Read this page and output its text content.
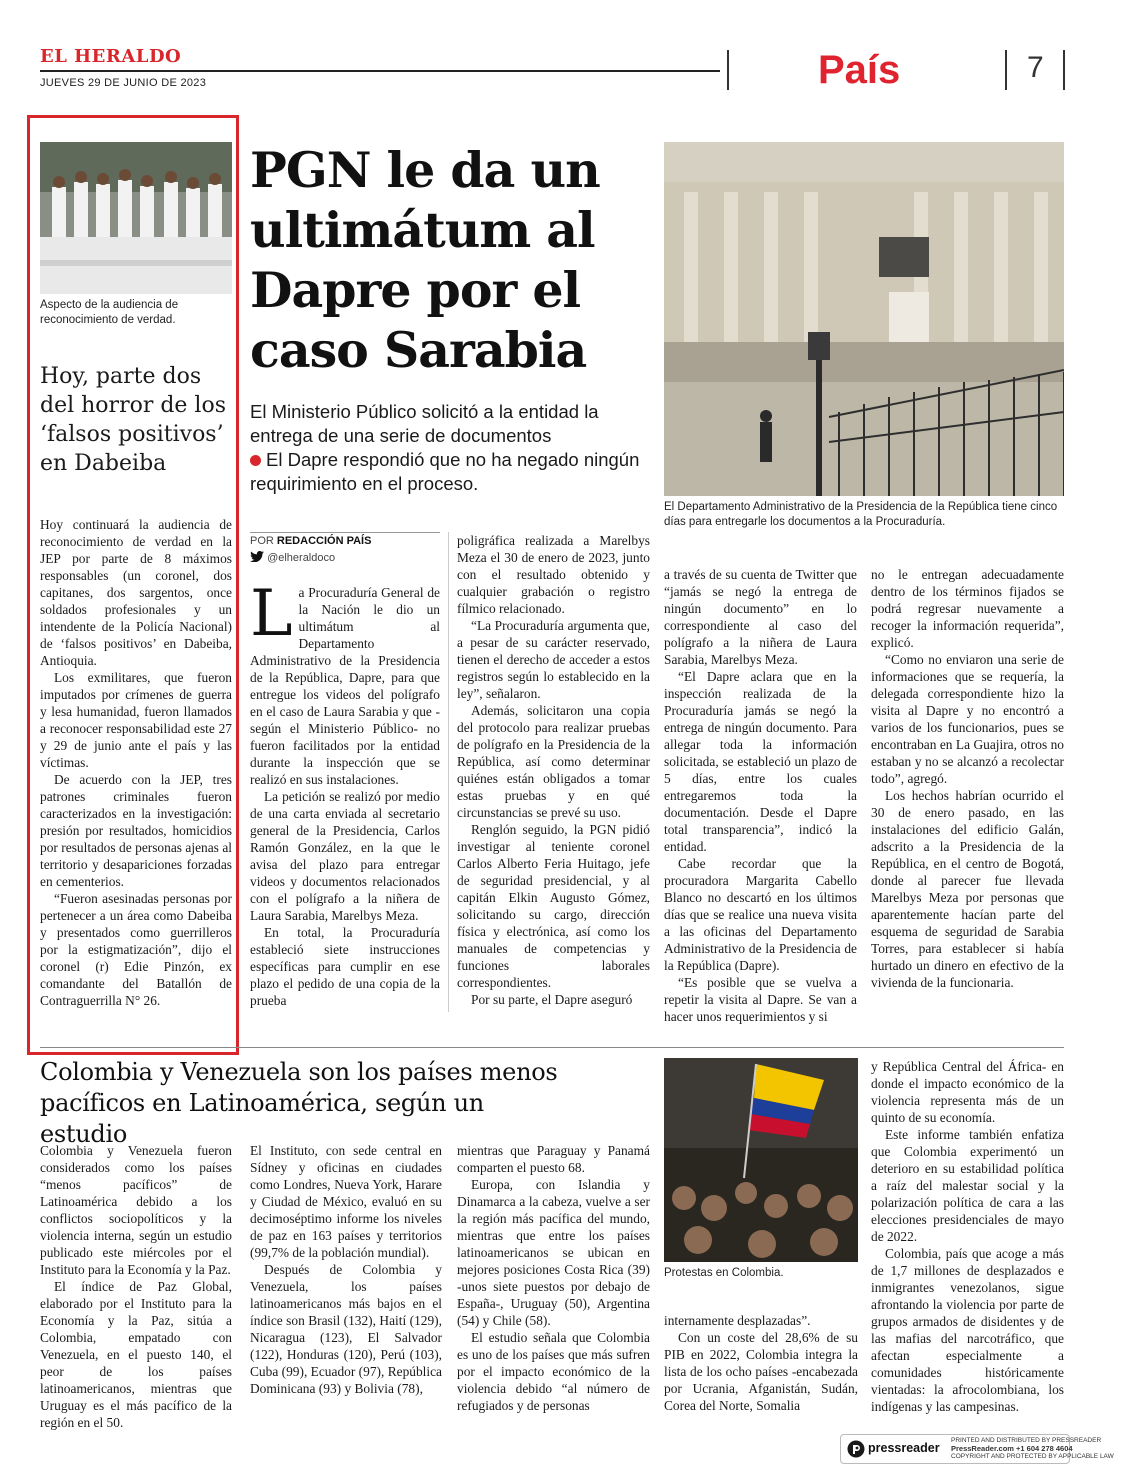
EL HERALDO
JUEVES 29 DE JUNIO DE 2023	País	7
Aspecto de la audiencia de reconocimiento de verdad.
Hoy, parte dos del horror de los ‘falsos positivos’ en Dabeiba

Hoy continuará la audiencia de reconocimiento de verdad en la JEP por parte de 8 máximos responsables (un coronel, dos capitanes, dos sargentos, once soldados profesionales y un intendente de la Policía Nacional) de ‘falsos positivos’ en Dabeiba, Antioquia.

Los exmilitares, que fueron imputados por crímenes de guerra y lesa humanidad, fueron llamados a reconocer responsabilidad este 27 y 29 de junio ante el país y las víctimas.

De acuerdo con la JEP, tres patrones criminales fueron caracterizados en la investigación: presión por resultados, homicidios por resultados de personas ajenas al territorio y desapariciones forzadas en cementerios.

“Fueron asesinadas personas por pertenecer a un área como Dabeiba y presentados como guerrilleros por la estigmatización”, dijo el coronel (r) Edie Pinzón, ex comandante del Batallón de Contraguerrilla N° 26.

PGN le da un ultimátum al Dapre por el caso Sarabia
El Ministerio Público solicitó a la entidad la entrega de una serie de documentos
El Dapre respondió que no ha negado ningún requirimiento en el proceso.
El Departamento Administrativo de la Presidencia de la República tiene cinco días para entregarle los documentos a la Procuraduría.
POR REDACCIÓN PAÍS
@elheraldoco
L a Procuraduría General de la Nación le dio un ultimátum al Departamento Administrativo de la Presidencia de la República, Dapre, para que entregue los videos del polígrafo en el caso de Laura Sarabia y que -según el Ministerio Público- no fueron facilitados por la entidad durante la inspección que se realizó en sus instalaciones.

La petición se realizó por medio de una carta enviada al secretario general de la Presidencia, Carlos Ramón González, en la que le avisa del plazo para entregar videos y documentos relacionados con el polígrafo a la niñera de Laura Sarabia, Marelbys Meza.

En total, la Procuraduría estableció siete instrucciones específicas para cumplir en ese plazo el pedido de una copia de la prueba

poligráfica realizada a Marelbys Meza el 30 de enero de 2023, junto con el resultado obtenido y cualquier grabación o registro fílmico relacionado.

“La Procuraduría argumenta que, a pesar de su carácter reservado, tienen el derecho de acceder a estos registros según lo establecido en la ley”, señalaron.

Además, solicitaron una copia del protocolo para realizar pruebas de polígrafo en la Presidencia de la República, así como determinar quiénes están obligados a tomar estas pruebas y en qué circunstancias se prevé su uso.

Renglón seguido, la PGN pidió investigar al teniente coronel Carlos Alberto Feria Huitago, jefe de seguridad presidencial, y al capitán Elkin Augusto Gómez, solicitando su cargo, dirección física y electrónica, así como los manuales de competencias y funciones laborales correspondientes.

Por su parte, el Dapre aseguró

a través de su cuenta de Twitter que “jamás se negó la entrega de ningún documento” en lo correspondiente al caso del polígrafo a la niñera de Laura Sarabia, Marelbys Meza.

“El Dapre aclara que en la inspección realizada de la Procuraduría jamás se negó la entrega de ningún documento. Para allegar toda la información solicitada, se estableció un plazo de 5 días, entre los cuales entregaremos toda la documentación. Desde el Dapre total transparencia”, indicó la entidad.

Cabe recordar que la procuradora Margarita Cabello Blanco no descartó en los últimos días que se realice una nueva visita a las oficinas del Departamento Administrativo de la Presidencia de la República (Dapre).

“Es posible que se vuelva a repetir la visita al Dapre. Se van a hacer unos requerimientos y si

no le entregan adecuadamente dentro de los términos fijados se podrá regresar nuevamente a recoger la información requerida”, explicó.

“Como no enviaron una serie de informaciones que se requería, la delegada correspondiente hizo la visita al Dapre y no encontró a varios de los funcionarios, pues se encontraban en La Guajira, otros no estaban y no se alcanzó a recolectar todo”, agregó.

Los hechos habrían ocurrido el 30 de enero pasado, en las instalaciones del edificio Galán, adscrito a la Presidencia de la República, en el centro de Bogotá, donde al parecer fue llevada Marelbys Meza por personas que aparentemente hacían parte del esquema de seguridad de Sarabia Torres, para establecer si había hurtado un dinero en efectivo de la vivienda de la funcionaria.

Colombia y Venezuela son los países menos pacíficos en Latinoamérica, según un estudio
Protestas en Colombia.

Colombia y Venezuela fueron considerados como los países “menos pacíficos” de Latinoamérica debido a los conflictos sociopolíticos y la violencia interna, según un estudio publicado este miércoles por el Instituto para la Economía y la Paz.

El índice de Paz Global, elaborado por el Instituto para la Economía y la Paz, sitúa a Colombia, empatado con Venezuela, en el puesto 140, el peor de los países latinoamericanos, mientras que Uruguay es el más pacífico de la región en el 50.

El Instituto, con sede central en Sídney y oficinas en ciudades como Londres, Nueva York, Harare y Ciudad de México, evaluó en su decimoséptimo informe los niveles de paz en 163 países y territorios (99,7% de la población mundial).

Después de Colombia y Venezuela, los países latinoamericanos más bajos en el índice son Brasil (132), Haití (129), Nicaragua (123), El Salvador (122), Honduras (120), Perú (103), Cuba (99), Ecuador (97), República Dominicana (93) y Bolivia (78),

mientras que Paraguay y Panamá comparten el puesto 68.

Europa, con Islandia y Dinamarca a la cabeza, vuelve a ser la región más pacífica del mundo, mientras que entre los países latinoamericanos se ubican en mejores posiciones Costa Rica (39) -unos siete puestos por debajo de España-, Uruguay (50), Argentina (54) y Chile (58).

El estudio señala que Colombia es uno de los países que más sufren por el impacto económico de la violencia debido “al número de refugiados y de personas

internamente desplazadas”.

Con un coste del 28,6% de su PIB en 2022, Colombia integra la lista de los ocho países -encabezada por Ucrania, Afganistán, Sudán, Corea del Norte, Somalia

y República Central del África- en donde el impacto económico de la violencia representa más de un quinto de su economía.

Este informe también enfatiza que Colombia experimentó un deterioro en su estabilidad política a raíz del malestar social y la polarización política de cara a las elecciones presidenciales de mayo de 2022.

Colombia, país que acoge a más de 1,7 millones de desplazados e inmigrantes venezolanos, sigue afrontando la violencia por parte de grupos armados de disidentes y de las mafias del narcotráfico, que afectan especialmente a comunidades históricamente vientadas: la afrocolombiana, los indígenas y las campesinas.

pressreader
PRINTED AND DISTRIBUTED BY PRESSREADER
PressReader.com +1 604 278 4604
COPYRIGHT AND PROTECTED BY APPLICABLE LAW
